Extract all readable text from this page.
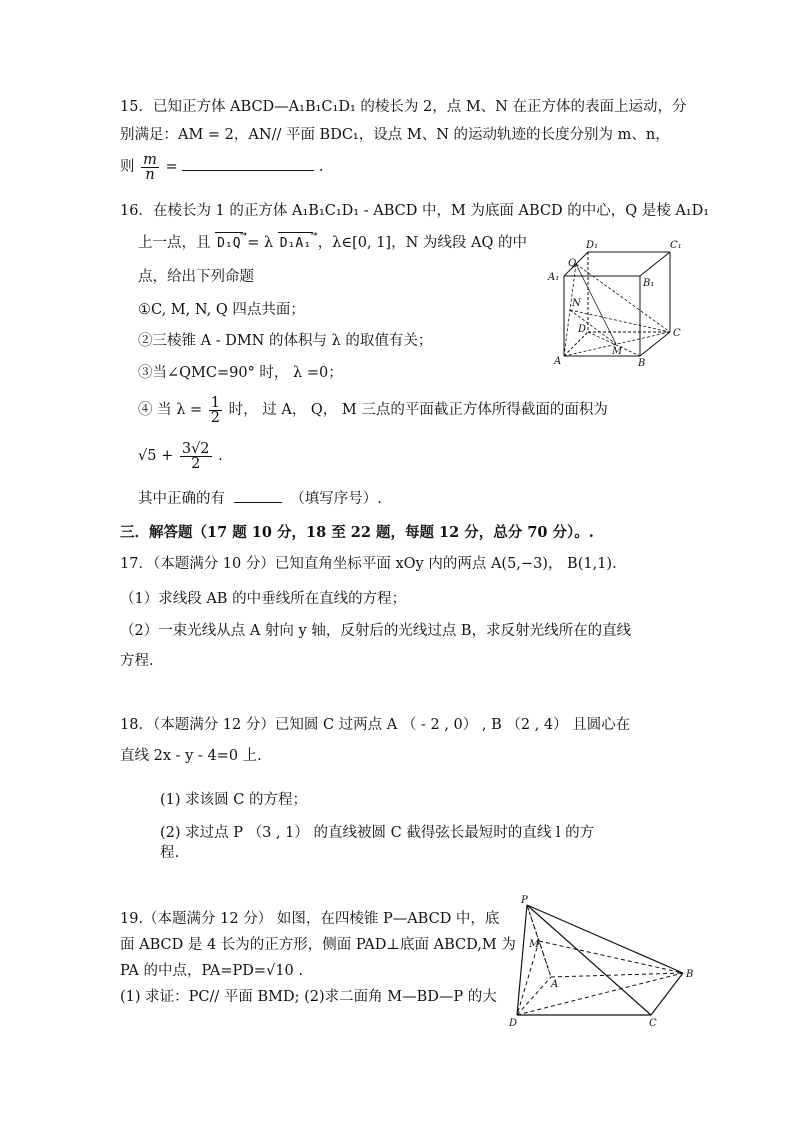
15．已知正方体 ABCD—A₁B₁C₁D₁ 的棱长为 2，点 M、N 在正方体的表面上运动，分
别满足：AM = 2，AN// 平面 BDC₁，设点 M、N 的运动轨迹的长度分别为 m、n，
则 $\frac{m}{n}$ =	.
16．在棱长为 1 的正方体 A₁B₁C₁D₁ - ABCD 中，M 为底面 ABCD 的中心，Q 是棱 A₁D₁
上一点，且 D₁Q → = λ D₁A₁ → ，λ∈[0, 1]，N 为线段 AQ 的中
点，给出下列命题
①C, M, N, Q 四点共面；
②三棱锥 A - DMN 的体积与 λ 的取值有关；
③当∠QMC=90° 时， λ =0；
④ 当 $\lambda = \frac{1}{2}$ 时， 过 A， Q， M 三点的平面截正方体所得截面的面积为
$√5 + \frac{3√2}{2}$ .
其中正确的有	（填写序号）.
Q
D₁	C₁
A₁
B₁
N
D	C
M
A	B
三．解答题（17 题 10 分，18 至 22 题，每题 12 分，总分 70 分）。.
17．（本题满分 10 分）已知直角坐标平面 xOy 内的两点 A(5,−3)， B(1,1).
（1）求线段 AB 的中垂线所在直线的方程；
（2）一束光线从点 A 射向 y 轴，反射后的光线过点 B，求反射光线所在的直线
方程.
18．（本题满分 12 分）已知圆 C 过两点 A （ - 2 , 0） , B （2 , 4） 且圆心在
直线 2x - y - 4=0 上.
(1) 求该圆 C 的方程；
(2) 求过点 P （3 , 1） 的直线被圆 C 截得弦长最短时的直线 l 的方
程.
19.（本题满分 12 分） 如图，在四棱锥 P—ABCD 中，底
面 ABCD 是 4 长为的正方形，侧面 PAD⊥底面 ABCD,M 为
PA 的中点，PA=PD=√10 .
(1) 求证：PC// 平面 BMD; (2)求二面角 M—BD—P 的大
P
M
A
B
D	C
